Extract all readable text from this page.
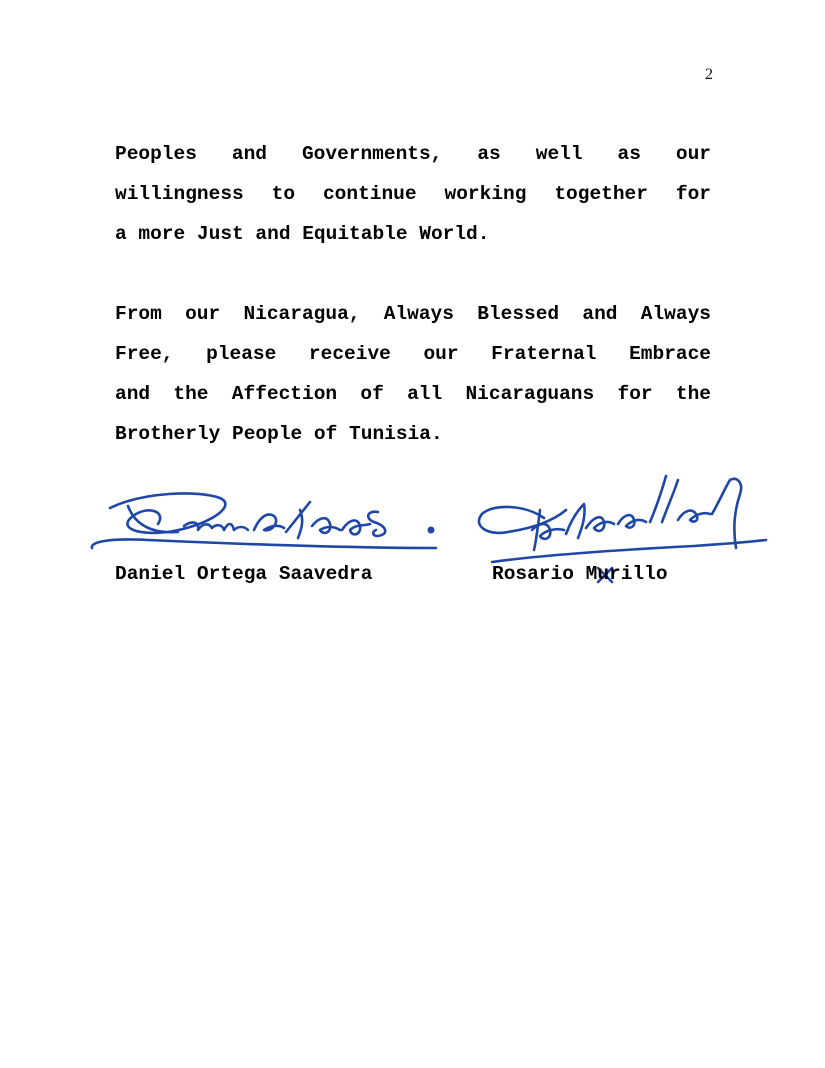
2

Peoples and Governments, as well as our
willingness to continue working together for
a more Just and Equitable World.

From our Nicaragua, Always Blessed and Always
Free, please receive our Fraternal Embrace
and the Affection of all Nicaraguans for the
Brotherly People of Tunisia.

Daniel Ortega Saavedra	Rosario Murillo
